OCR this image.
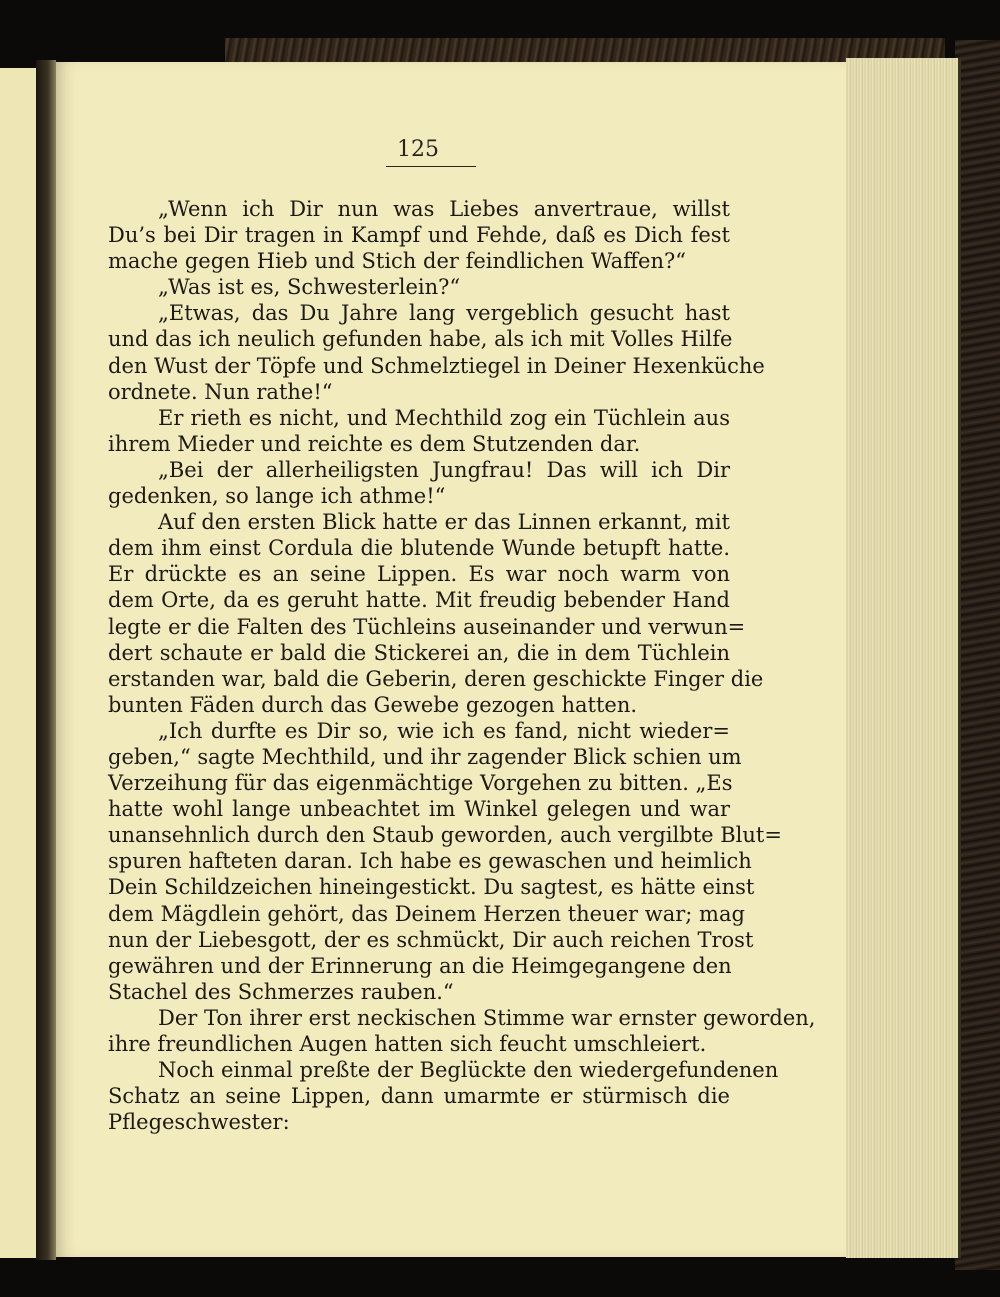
125
„Wenn ich Dir nun was Liebes anvertraue, willst
Du’s bei Dir tragen in Kampf und Fehde, daß es Dich fest
mache gegen Hieb und Stich der feindlichen Waffen?“
„Was ist es, Schwesterlein?“
„Etwas, das Du Jahre lang vergeblich gesucht hast
und das ich neulich gefunden habe, als ich mit Volles Hilfe
den Wust der Töpfe und Schmelztiegel in Deiner Hexenküche
ordnete. Nun rathe!“
Er rieth es nicht, und Mechthild zog ein Tüchlein aus
ihrem Mieder und reichte es dem Stutzenden dar.
„Bei der allerheiligsten Jungfrau! Das will ich Dir
gedenken, so lange ich athme!“
Auf den ersten Blick hatte er das Linnen erkannt, mit
dem ihm einst Cordula die blutende Wunde betupft hatte.
Er drückte es an seine Lippen. Es war noch warm von
dem Orte, da es geruht hatte. Mit freudig bebender Hand
legte er die Falten des Tüchleins auseinander und verwun=
dert schaute er bald die Stickerei an, die in dem Tüchlein
erstanden war, bald die Geberin, deren geschickte Finger die
bunten Fäden durch das Gewebe gezogen hatten.
„Ich durfte es Dir so, wie ich es fand, nicht wieder=
geben,“ sagte Mechthild, und ihr zagender Blick schien um
Verzeihung für das eigenmächtige Vorgehen zu bitten. „Es
hatte wohl lange unbeachtet im Winkel gelegen und war
unansehnlich durch den Staub geworden, auch vergilbte Blut=
spuren hafteten daran. Ich habe es gewaschen und heimlich
Dein Schildzeichen hineingestickt. Du sagtest, es hätte einst
dem Mägdlein gehört, das Deinem Herzen theuer war; mag
nun der Liebesgott, der es schmückt, Dir auch reichen Trost
gewähren und der Erinnerung an die Heimgegangene den
Stachel des Schmerzes rauben.“
Der Ton ihrer erst neckischen Stimme war ernster geworden,
ihre freundlichen Augen hatten sich feucht umschleiert.
Noch einmal preßte der Beglückte den wiedergefundenen
Schatz an seine Lippen, dann umarmte er stürmisch die
Pflegeschwester:
